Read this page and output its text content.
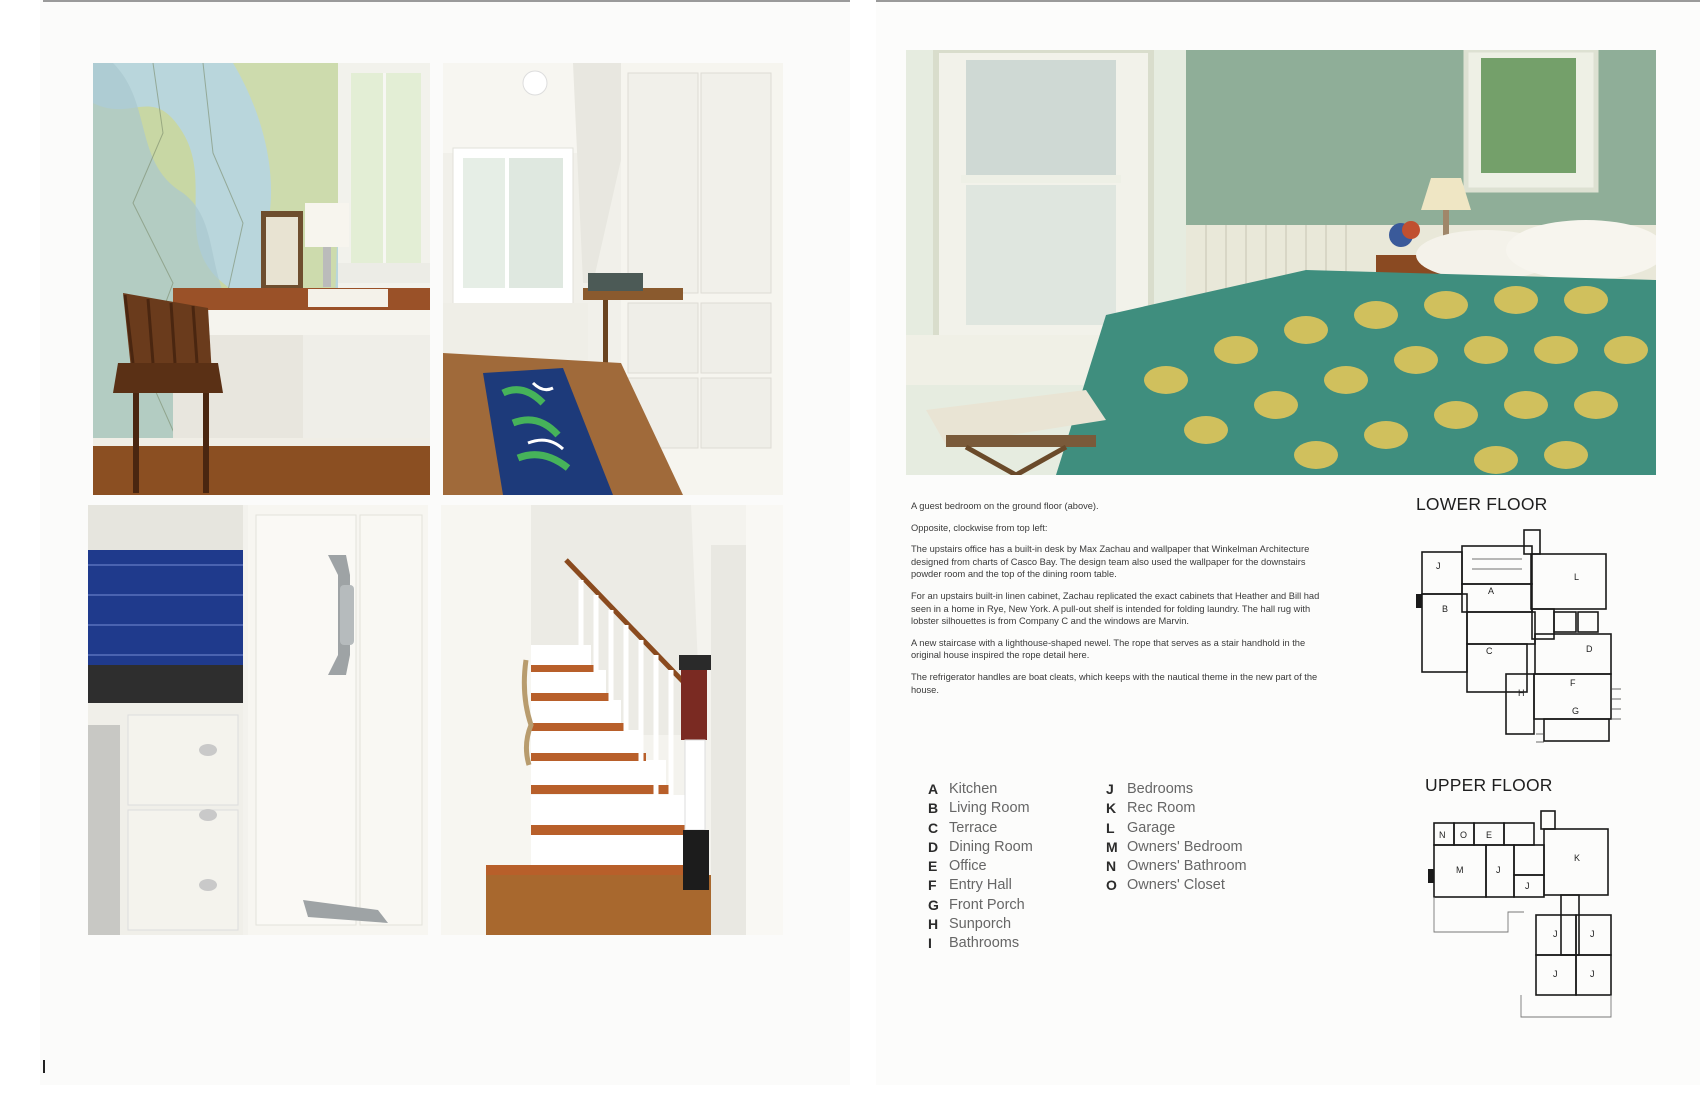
A guest bedroom on the ground floor (above).

Opposite, clockwise from top left:

The upstairs office has a built-in desk by Max Zachau and wallpaper that Winkelman Architecture designed from charts of Casco Bay. The design team also used the wallpaper for the downstairs powder room and the top of the dining room table.

For an upstairs built-in linen cabinet, Zachau replicated the exact cabinets that Heather and Bill had seen in a home in Rye, New York. A pull-out shelf is intended for folding laundry. The hall rug with lobster silhouettes is from Company C and the windows are Marvin.

A new staircase with a lighthouse-shaped newel. The rope that serves as a stair handhold in the original house inspired the rope detail here.

The refrigerator handles are boat cleats, which keeps with the nautical theme in the new part of the house.

LOWER FLOOR
J
L
A
B
C	D
F
H
G
UPPER FLOOR
N O E
K
M	J
J
J	J
J	J
A Kitchen
B Living Room
C Terrace
D Dining Room
E Office
F Entry Hall
G Front Porch
H Sunporch
I	Bathrooms
J Bedrooms
K Rec Room
L Garage
M Owners' Bedroom
N Owners' Bathroom
O Owners' Closet
